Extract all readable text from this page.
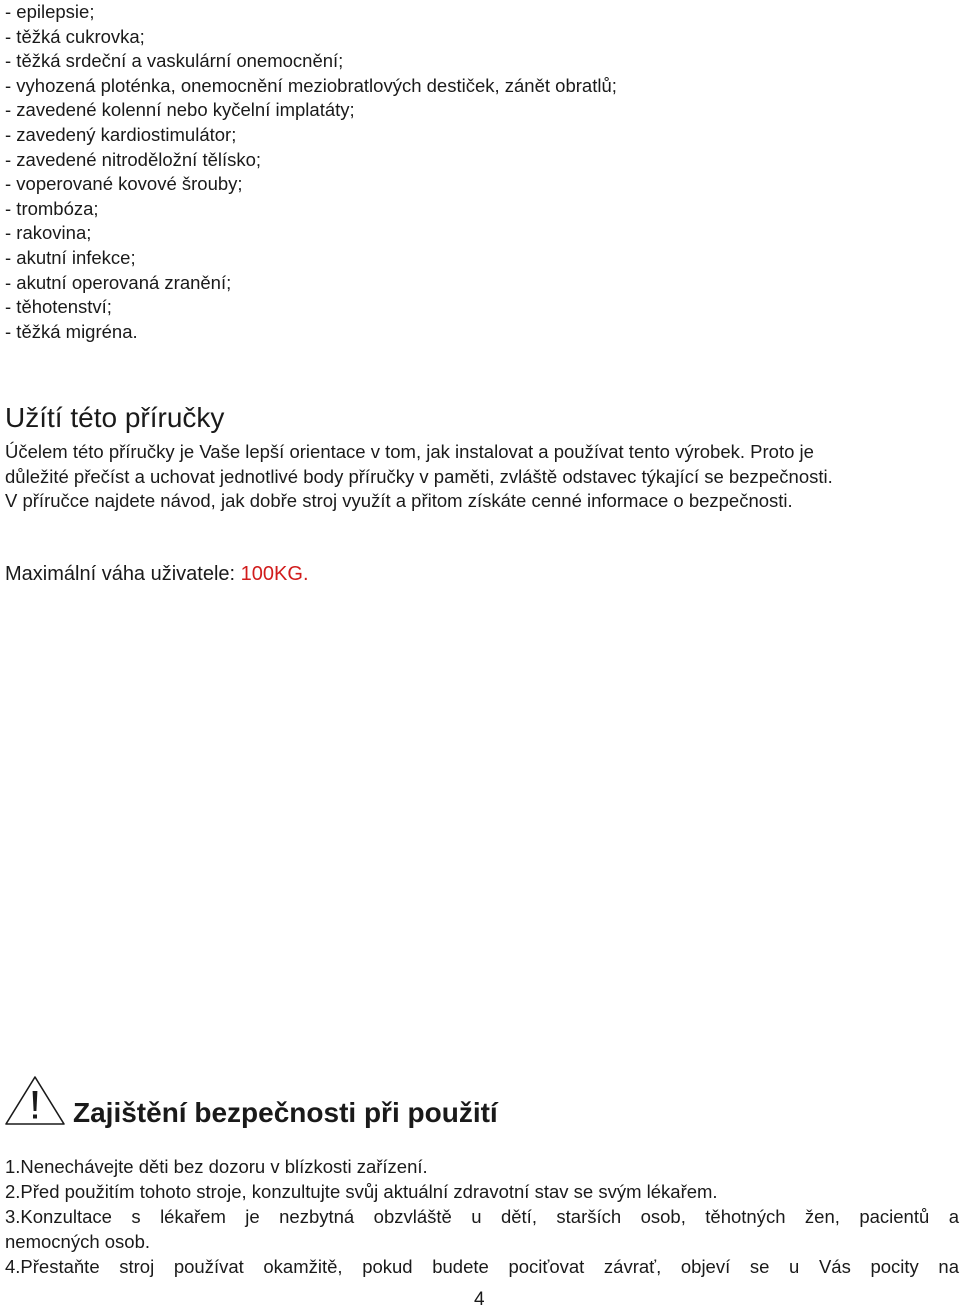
- epilepsie;
- těžká cukrovka;
- těžká srdeční a vaskulární onemocnění;
- vyhozená ploténka, onemocnění meziobratlových destiček, zánět obratlů;
- zavedené kolenní nebo kyčelní implatáty;
- zavedený kardiostimulátor;
- zavedené nitroděložní tělísko;
- voperované kovové šrouby;
- trombóza;
- rakovina;
- akutní infekce;
- akutní operovaná zranění;
- těhotenství;
- těžká migréna.
Užítí této příručky

Účelem této příručky je Vaše lepší orientace v tom, jak instalovat a používat tento výrobek. Proto je
důležité přečíst a uchovat jednotlivé body příručky v paměti, zvláště odstavec týkající se bezpečnosti.
V příručce najdete návod, jak dobře stroj využít a přitom získáte cenné informace o bezpečnosti.

Maximální váha uživatele: 100KG.

Zajištění bezpečnosti při použití
1.Nenechávejte děti bez dozoru v blízkosti zařízení.
2.Před použitím tohoto stroje, konzultujte svůj aktuální zdravotní stav se svým lékařem.
3.Konzultace s lékařem je nezbytná obzvláště u dětí, starších osob, těhotných žen, pacientů a
nemocných osob.
4.Přestaňte stroj používat okamžitě, pokud budete pociťovat závrať, objeví se u Vás pocity na
4
